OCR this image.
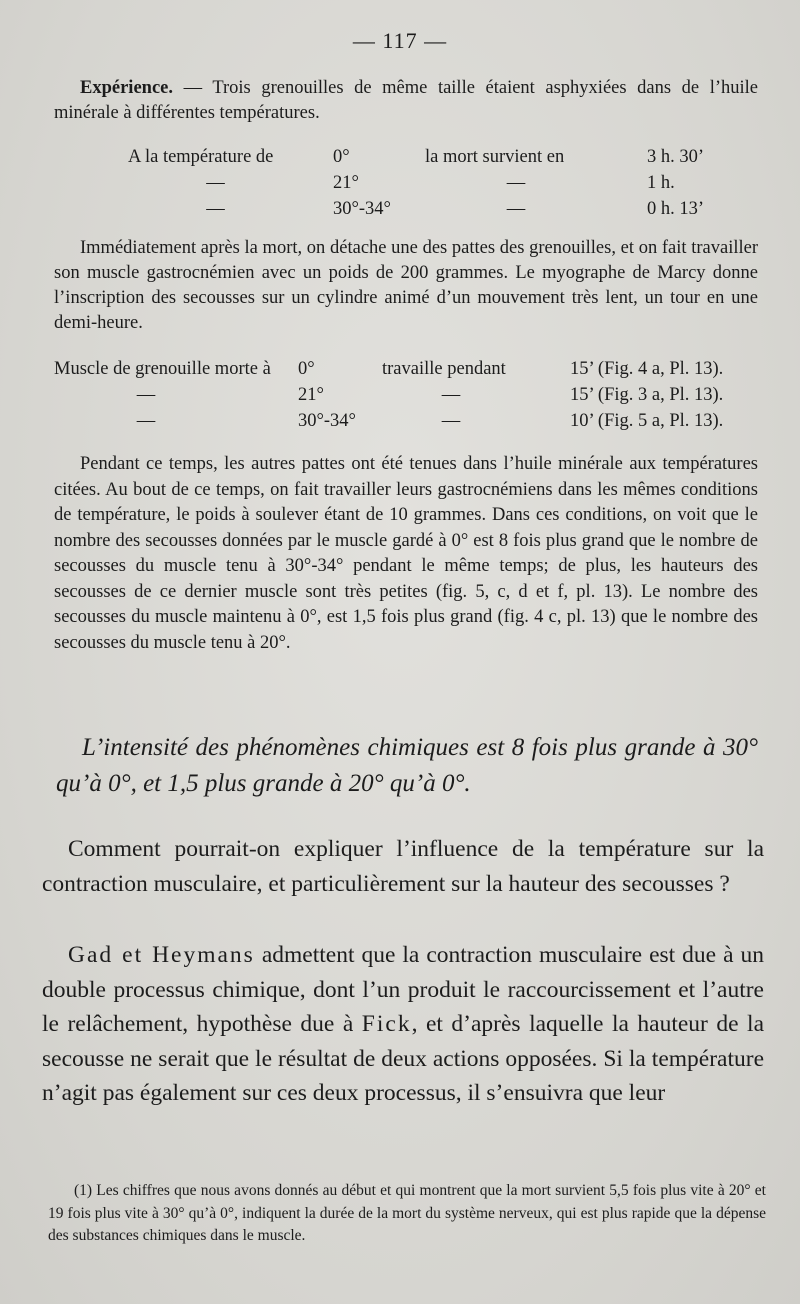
— 117 —
Expérience. — Trois grenouilles de même taille étaient asphyxiées dans de l’huile minérale à différentes températures.
A la température de	0°	la mort survient en	3 h. 30’
—	21°	—	1 h.
—	30°-34°	—	0 h. 13’
Immédiatement après la mort, on détache une des pattes des grenouilles, et on fait travailler son muscle gastrocnémien avec un poids de 200 grammes. Le myographe de Marcy donne l’inscription des secousses sur un cylindre animé d’un mouvement très lent, un tour en une demi-heure.
Muscle de grenouille morte à	0°	travaille pendant	15’ (Fig. 4 a, Pl. 13).
—	21°	—	15’ (Fig. 3 a, Pl. 13).
—	30°-34°	—	10’ (Fig. 5 a, Pl. 13).
Pendant ce temps, les autres pattes ont été tenues dans l’huile minérale aux températures citées. Au bout de ce temps, on fait travailler leurs gastrocnémiens dans les mêmes conditions de température, le poids à soulever étant de 10 grammes. Dans ces conditions, on voit que le nombre des secousses données par le muscle gardé à 0° est 8 fois plus grand que le nombre de secousses du muscle tenu à 30°-34° pendant le même temps; de plus, les hauteurs des secousses de ce dernier muscle sont très petites (fig. 5, c, d et f, pl. 13). Le nombre des secousses du muscle maintenu à 0°, est 1,5 fois plus grand (fig. 4 c, pl. 13) que le nombre des secousses du muscle tenu à 20°.
L’intensité des phénomènes chimiques est 8 fois plus grande à 30° qu’à 0°, et 1,5 plus grande à 20° qu’à 0°.
Comment pourrait-on expliquer l’influence de la température sur la contraction musculaire, et particulièrement sur la hauteur des secousses ?
Gad et Heymans admettent que la contraction musculaire est due à un double processus chimique, dont l’un produit le raccourcissement et l’autre le relâchement, hypothèse due à Fick, et d’après laquelle la hauteur de la secousse ne serait que le résultat de deux actions opposées. Si la température n’agit pas également sur ces deux processus, il s’ensuivra que leur
(1) Les chiffres que nous avons donnés au début et qui montrent que la mort survient 5,5 fois plus vite à 20° et 19 fois plus vite à 30° qu’à 0°, indiquent la durée de la mort du système nerveux, qui est plus rapide que la dépense des substances chimiques dans le muscle.
